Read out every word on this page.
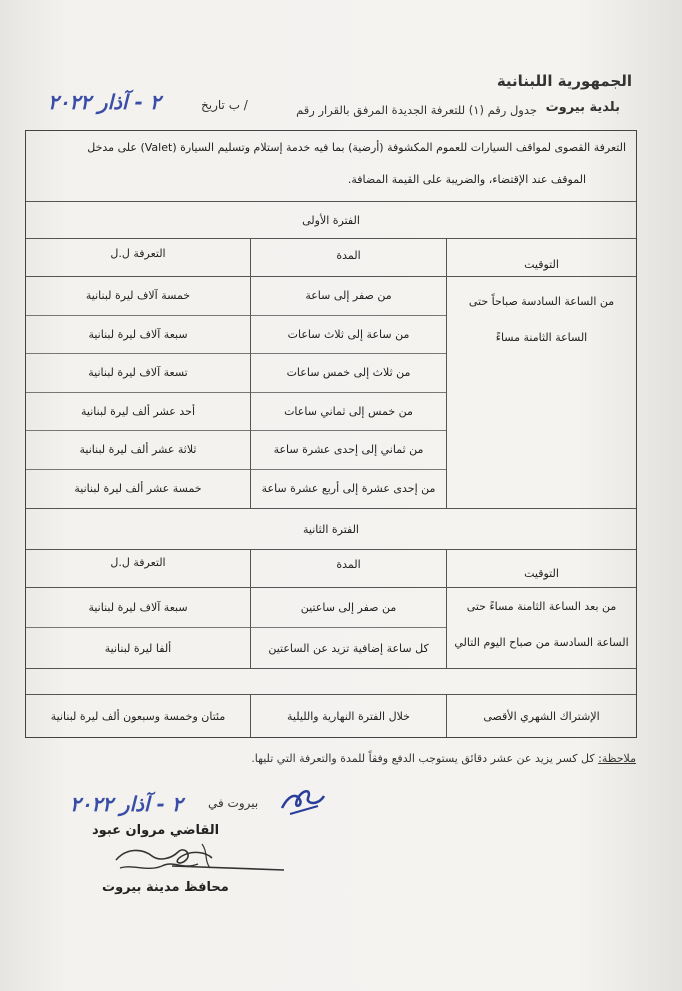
الجمهورية اللبنانية
بلدية بيروت
جدول رقم (١) للتعرفة الجديدة المرفق بالقرار رقم
/ ب تاريخ
٢ - آذار ٢٠٢٢
التعرفة القصوى لمواقف السيارات للعموم المكشوفة (أرضية) بما فيه خدمة إستلام وتسليم السيارة (Valet) على مدخل
الموقف عند الإقتضاء، والضريبة على القيمة المضافة.
الفترة الأولى
التوقيت
المدة
التعرفة ل.ل
من الساعة السادسة صباحاً حتى
الساعة الثامنة مساءً
من صفر إلى ساعة
من ساعة إلى ثلاث ساعات
من ثلاث إلى خمس ساعات
من خمس إلى ثماني ساعات
من ثماني إلى إحدى عشرة ساعة
من إحدى عشرة إلى أربع عشرة ساعة
خمسة آلاف ليرة لبنانية
سبعة آلاف ليرة لبنانية
تسعة آلاف ليرة لبنانية
أحد عشر ألف ليرة لبنانية
ثلاثة عشر ألف ليرة لبنانية
خمسة عشر ألف ليرة لبنانية
الفترة الثانية
التوقيت
المدة
التعرفة ل.ل
من بعد الساعة الثامنة مساءً حتى
الساعة السادسة من صباح اليوم التالي
من صفر إلى ساعتين
كل ساعة إضافية تزيد عن الساعتين
سبعة آلاف ليرة لبنانية
ألفا ليرة لبنانية
الإشتراك الشهري الأقصى
خلال الفترة النهارية والليلية
مئتان وخمسة وسبعون ألف ليرة لبنانية
ملاحظة: كل كسر يزيد عن عشر دقائق يستوجب الدفع وفقاً للمدة والتعرفة التي تليها.
بيروت في
٢ - آذار ٢٠٢٢
القاضي مروان عبود
محافظ مدينة بيروت
